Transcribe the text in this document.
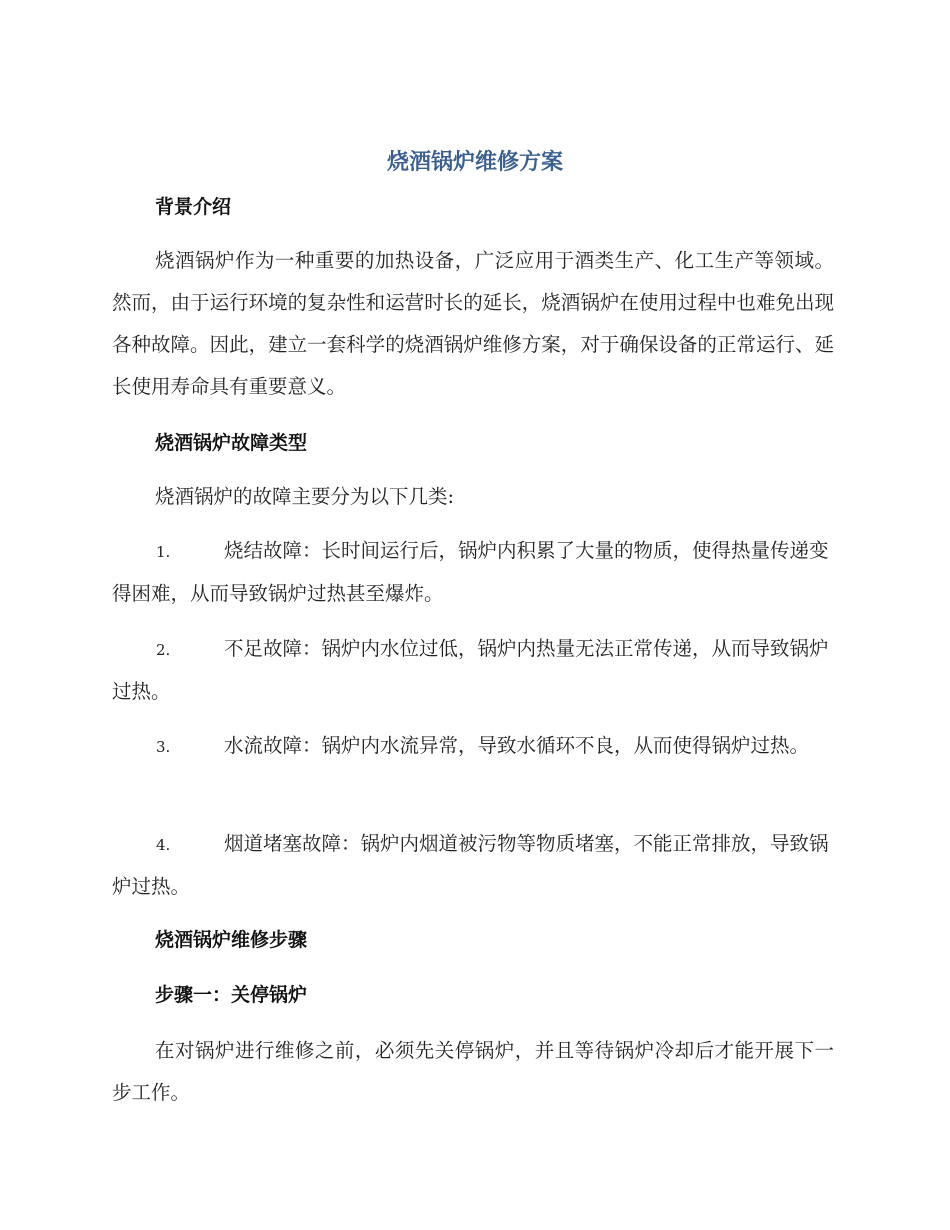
烧酒锅炉维修方案
背景介绍
烧酒锅炉作为一种重要的加热设备，广泛应用于酒类生产、化工生产等领域。然而，由于运行环境的复杂性和运营时长的延长，烧酒锅炉在使用过程中也难免出现各种故障。因此，建立一套科学的烧酒锅炉维修方案，对于确保设备的正常运行、延长使用寿命具有重要意义。
烧酒锅炉故障类型
烧酒锅炉的故障主要分为以下几类:
1.	烧结故障：长时间运行后，锅炉内积累了大量的物质，使得热量传递变得困难，从而导致锅炉过热甚至爆炸。
2.	不足故障：锅炉内水位过低，锅炉内热量无法正常传递，从而导致锅炉过热。
3.	水流故障：锅炉内水流异常，导致水循环不良，从而使得锅炉过热。
4.	烟道堵塞故障：锅炉内烟道被污物等物质堵塞，不能正常排放，导致锅炉过热。
烧酒锅炉维修步骤
步骤一：关停锅炉
在对锅炉进行维修之前，必须先关停锅炉，并且等待锅炉冷却后才能开展下一步工作。
